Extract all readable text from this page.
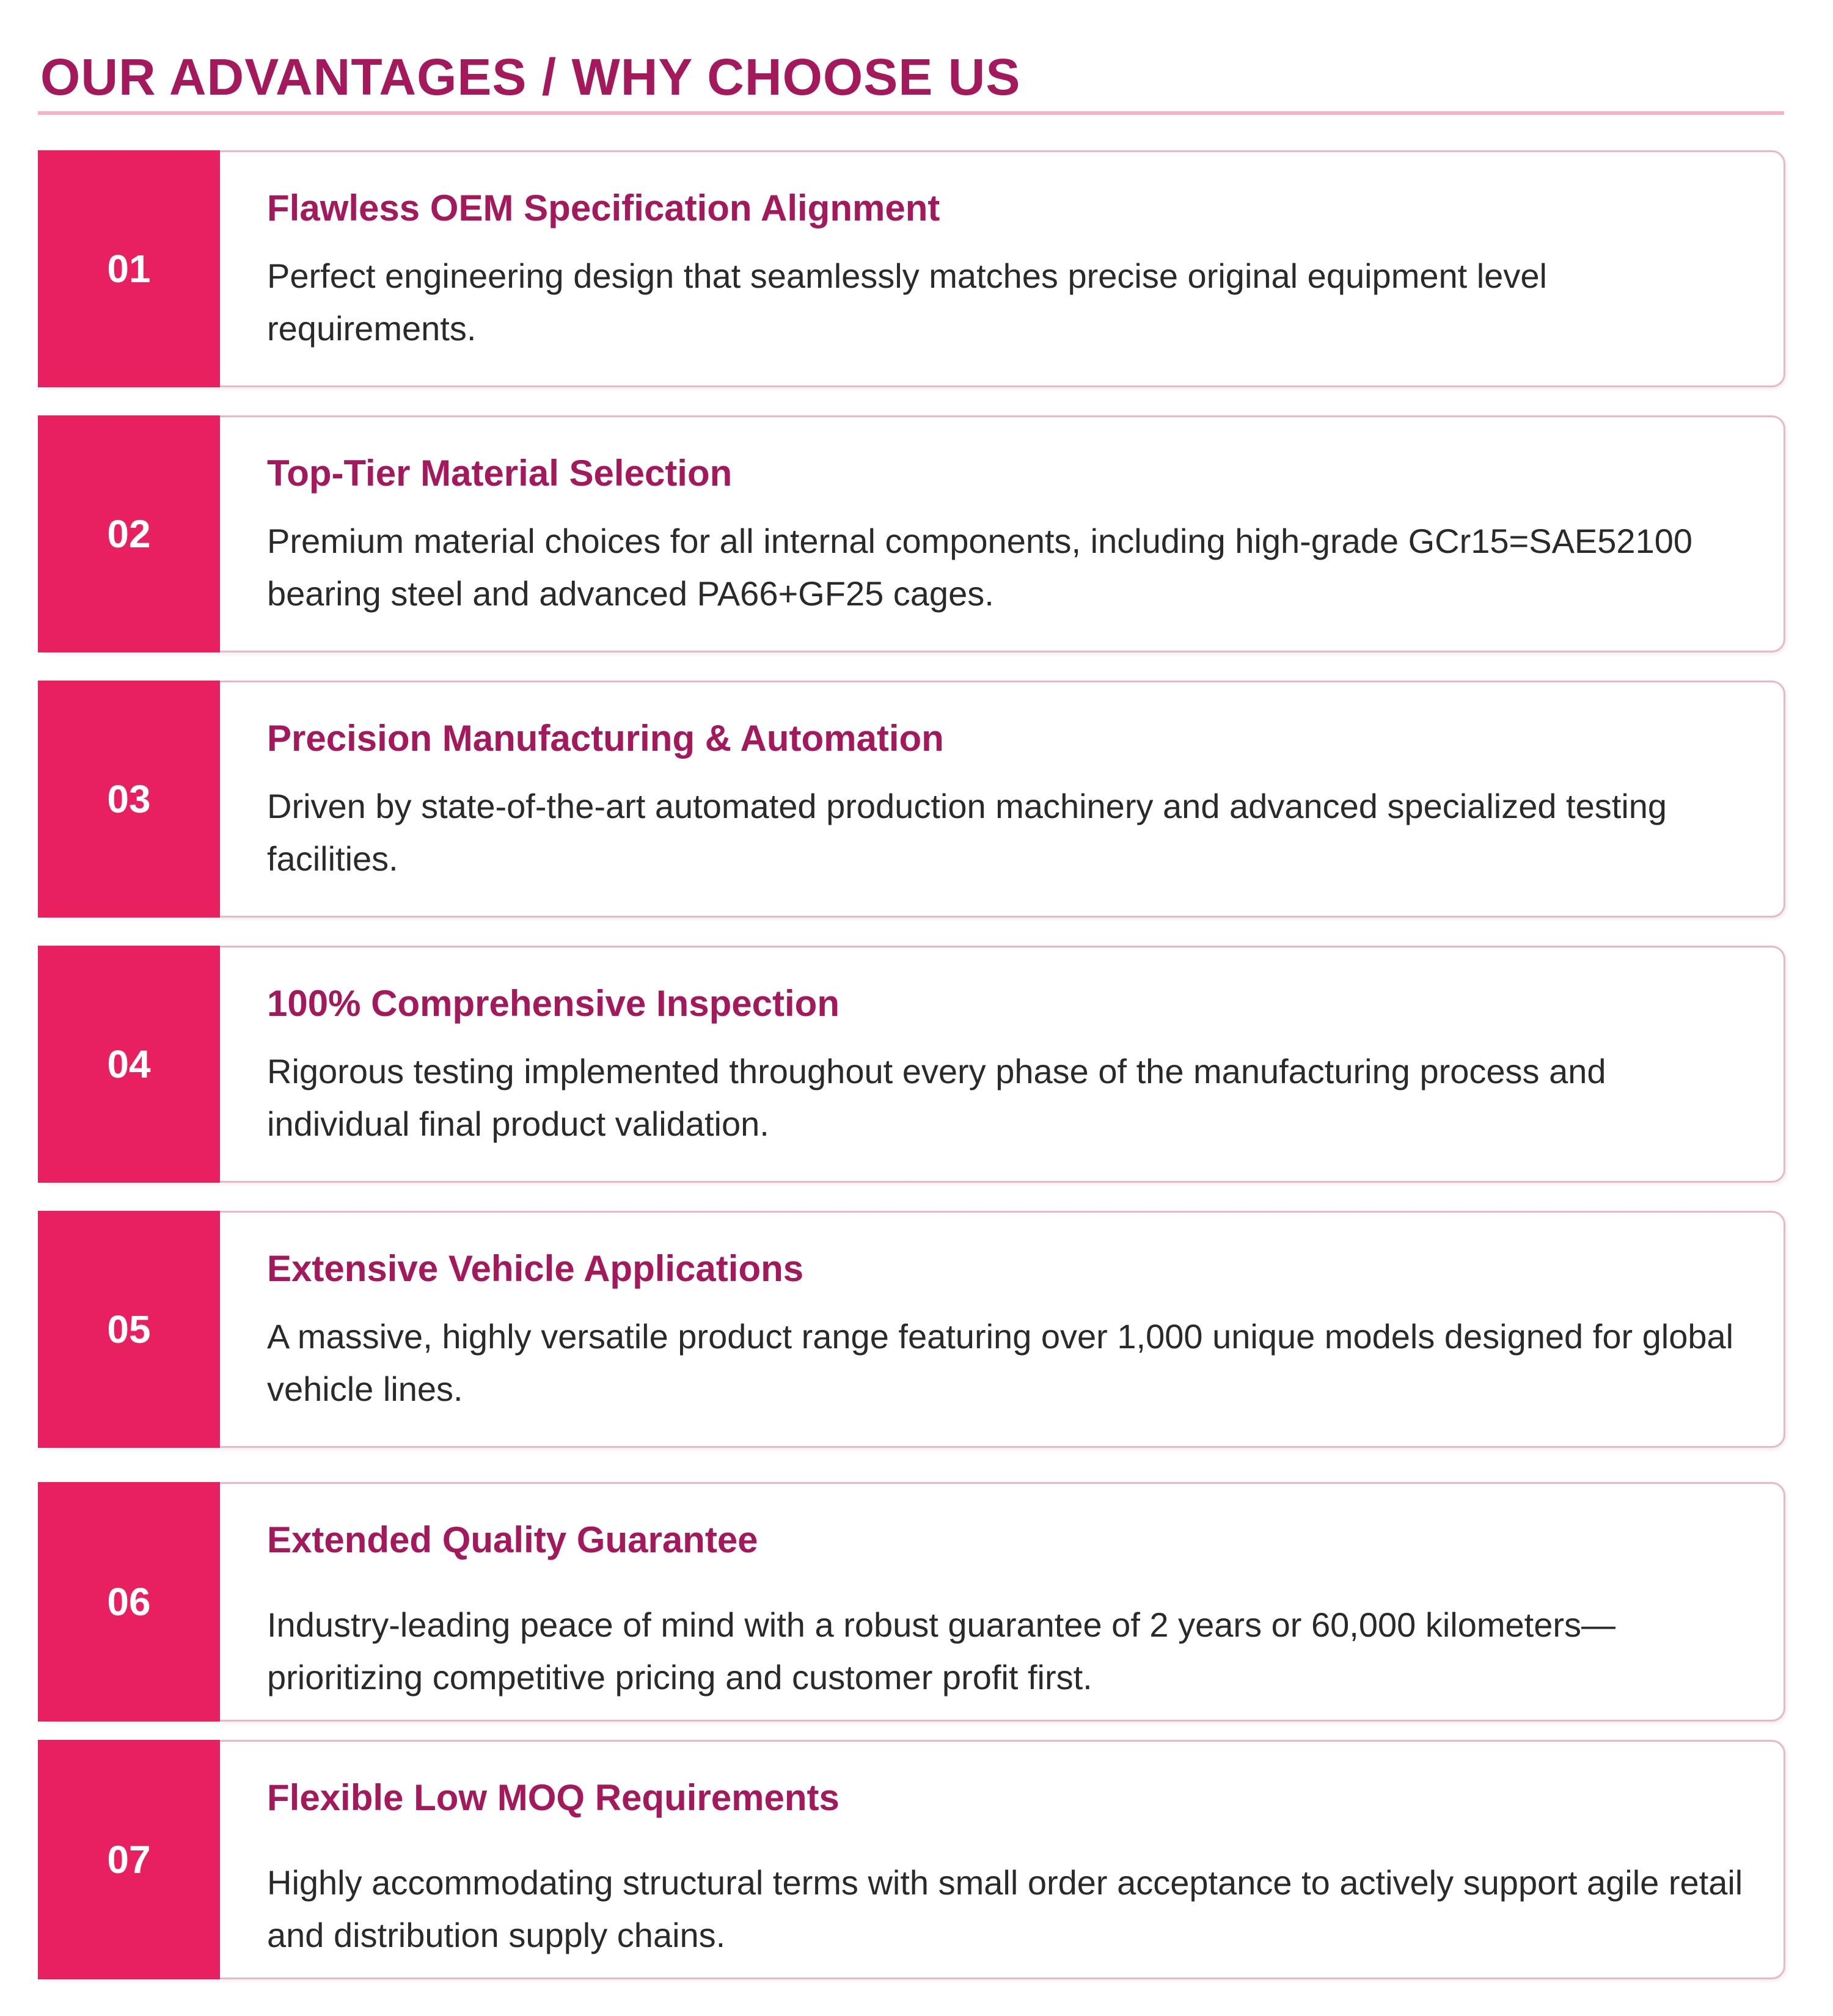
OUR ADVANTAGES / WHY CHOOSE US
01
Flawless OEM Specification Alignment

Perfect engineering design that seamlessly matches precise original equipment level requirements.

02
Top-Tier Material Selection

Premium material choices for all internal components, including high-grade GCr15=SAE52100 bearing steel and advanced PA66+GF25 cages.

03
Precision Manufacturing & Automation

Driven by state-of-the-art automated production machinery and advanced specialized testing facilities.

04
100% Comprehensive Inspection

Rigorous testing implemented throughout every phase of the manufacturing process and individual final product validation.

05
Extensive Vehicle Applications

A massive, highly versatile product range featuring over 1,000 unique models designed for global vehicle lines.

06
Extended Quality Guarantee

Industry-leading peace of mind with a robust guarantee of 2 years or 60,000 kilometers— prioritizing competitive pricing and customer profit first.

07
Flexible Low MOQ Requirements

Highly accommodating structural terms with small order acceptance to actively support agile retail and distribution supply chains.
